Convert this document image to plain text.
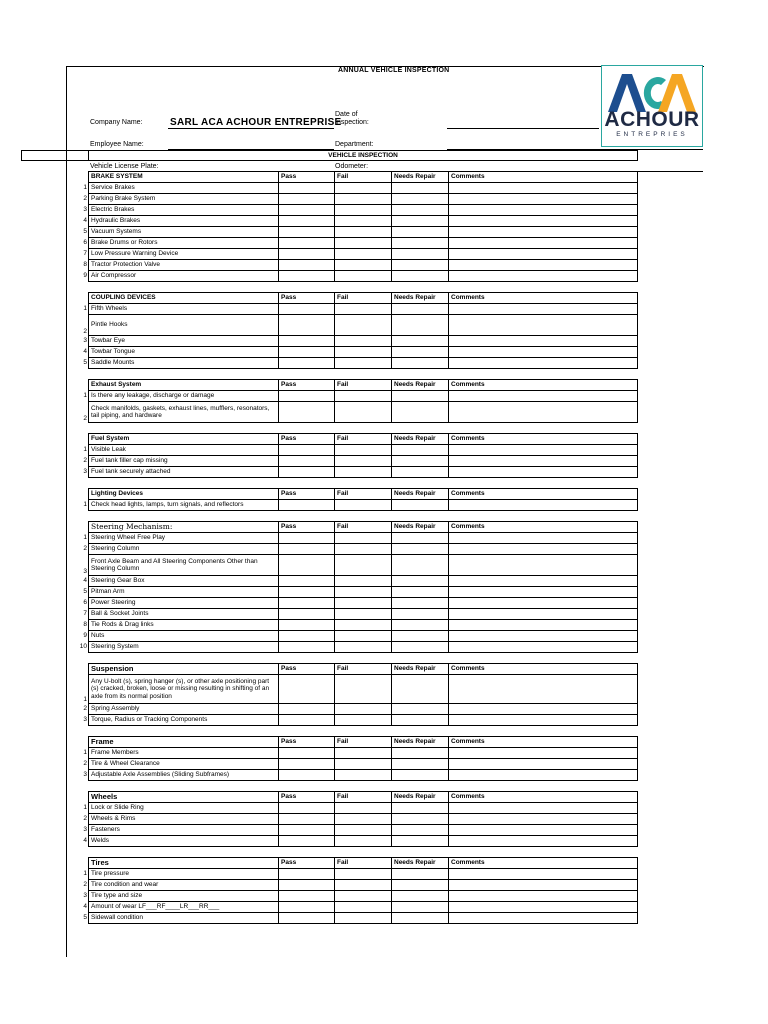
ANNUAL VEHICLE INSPECTION
Company Name:	SARL ACA ACHOUR ENTREPRISE
Date of
Inspection:
Employee Name:	Department:
Vehicle License Plate:	Odometer:
ACHOUR
ENTREPRIES
	VEHICLE INSPECTION				

	BRAKE SYSTEM	Pass	Fail	Needs Repair	Comments
1	Service Brakes				
2	Parking Brake System				
3	Electric Brakes				
4	Hydraulic Brakes				
5	Vacuum Systems				
6	Brake Drums or Rotors				
7	Low Pressure Warning Device				
8	Tractor Protection Valve				
9	Air Compressor				

	COUPLING DEVICES	Pass	Fail	Needs Repair	Comments
1	Fifth Wheels				
2	Pintle Hooks				
3	Towbar Eye				
4	Towbar Tongue				
5	Saddle Mounts				

	Exhaust System	Pass	Fail	Needs Repair	Comments
1	Is there any leakage, discharge or damage				
2	Check manifolds, gaskets, exhaust lines, mufflers, resonators, tail piping, and hardware				

	Fuel System	Pass	Fail	Needs Repair	Comments
1	Visible Leak				
2	Fuel tank filler cap missing				
3	Fuel tank securely attached				

	Lighting Devices	Pass	Fail	Needs Repair	Comments
1	Check head lights, lamps, turn signals, and reflectors				

	Steering Mechanism:	Pass	Fail	Needs Repair	Comments
1	Steering Wheel Free Play				
2	Steering Column				
3	Front Axle Beam and All Steering Components Other than Steering Column				
4	Steering Gear Box				
5	Pitman Arm				
6	Power Steering				
7	Ball & Socket Joints				
8	Tie Rods & Drag links				
9	Nuts				
10	Steering System				

	Suspension	Pass	Fail	Needs Repair	Comments
1	Any U-bolt (s), spring hanger (s), or other axle positioning part (s) cracked, broken, loose or missing resulting in shifting of an axle from its normal position				
2	Spring Assembly				
3	Torque, Radius or Tracking Components				

	Frame	Pass	Fail	Needs Repair	Comments
1	Frame Members				
2	Tire & Wheel Clearance				
3	Adjustable Axle Assemblies (Sliding Subframes)				

	Wheels	Pass	Fail	Needs Repair	Comments
1	Lock or Slide Ring				
2	Wheels & Rims				
3	Fasteners				
4	Welds				

	Tires	Pass	Fail	Needs Repair	Comments
1	Tire pressure				
2	Tire condition and wear				
3	Tire type and size				
4	Amount of wear LF___RF____LR___RR___				
5	Sidewall condition				
